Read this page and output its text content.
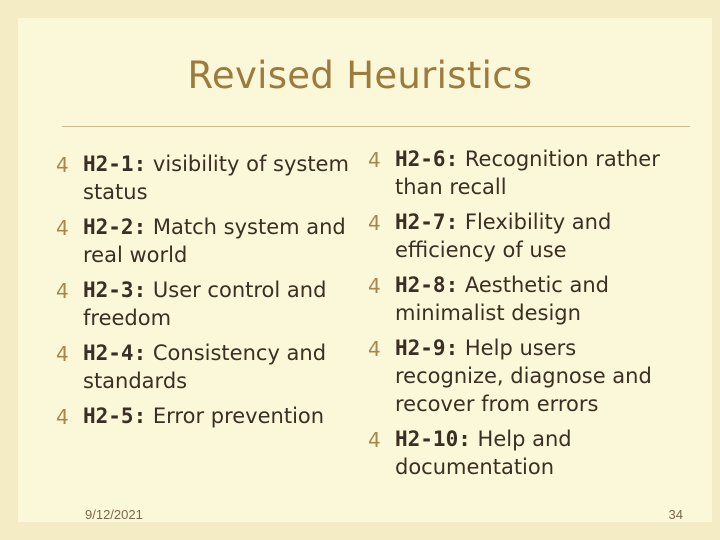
Revised Heuristics
4 H2-1: visibility of system status
4 H2-2: Match system and real world
4 H2-3: User control and freedom
4 H2-4: Consistency and standards
4 H2-5: Error prevention
4 H2-6: Recognition rather than recall
4 H2-7: Flexibility and efficiency of use
4 H2-8: Aesthetic and minimalist design
4 H2-9: Help users recognize, diagnose and recover from errors
4 H2-10: Help and documentation
9/12/2021	34
